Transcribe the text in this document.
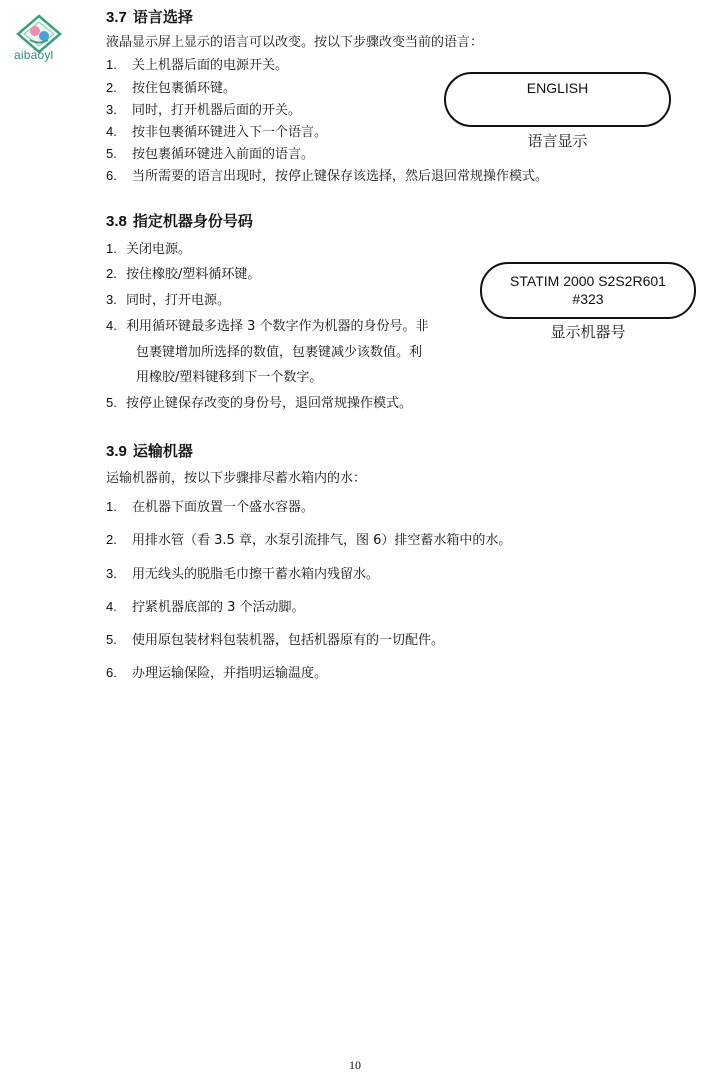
aibaoyl
3.7 语言选择
液晶显示屏上显示的语言可以改变。按以下步骤改变当前的语言：
1. 关上机器后面的电源开关。
2. 按住包裹循环键。
3. 同时，打开机器后面的开关。
4. 按非包裹循环键进入下一个语言。
5. 按包裹循环键进入前面的语言。
6. 当所需要的语言出现时，按停止键保存该选择，然后退回常规操作模式。
ENGLISH
语言显示
3.8 指定机器身份号码
1. 关闭电源。
2. 按住橡胶/塑料循环键。
3. 同时，打开电源。
4. 利用循环键最多选择 3 个数字作为机器的身份号。非
包裹键增加所选择的数值，包裹键减少该数值。利
用橡胶/塑料键移到下一个数字。
5. 按停止键保存改变的身份号，退回常规操作模式。
STATIM 2000 S2S2R601
#323
显示机器号
3.9 运输机器
运输机器前，按以下步骤排尽蓄水箱内的水：
1. 在机器下面放置一个盛水容器。
2. 用排水管（看 3.5 章，水泵引流排气，图 6）排空蓄水箱中的水。
3. 用无线头的脱脂毛巾擦干蓄水箱内残留水。
4. 拧紧机器底部的 3 个活动脚。
5. 使用原包装材料包装机器，包括机器原有的一切配件。
6. 办理运输保险，并指明运输温度。
10
